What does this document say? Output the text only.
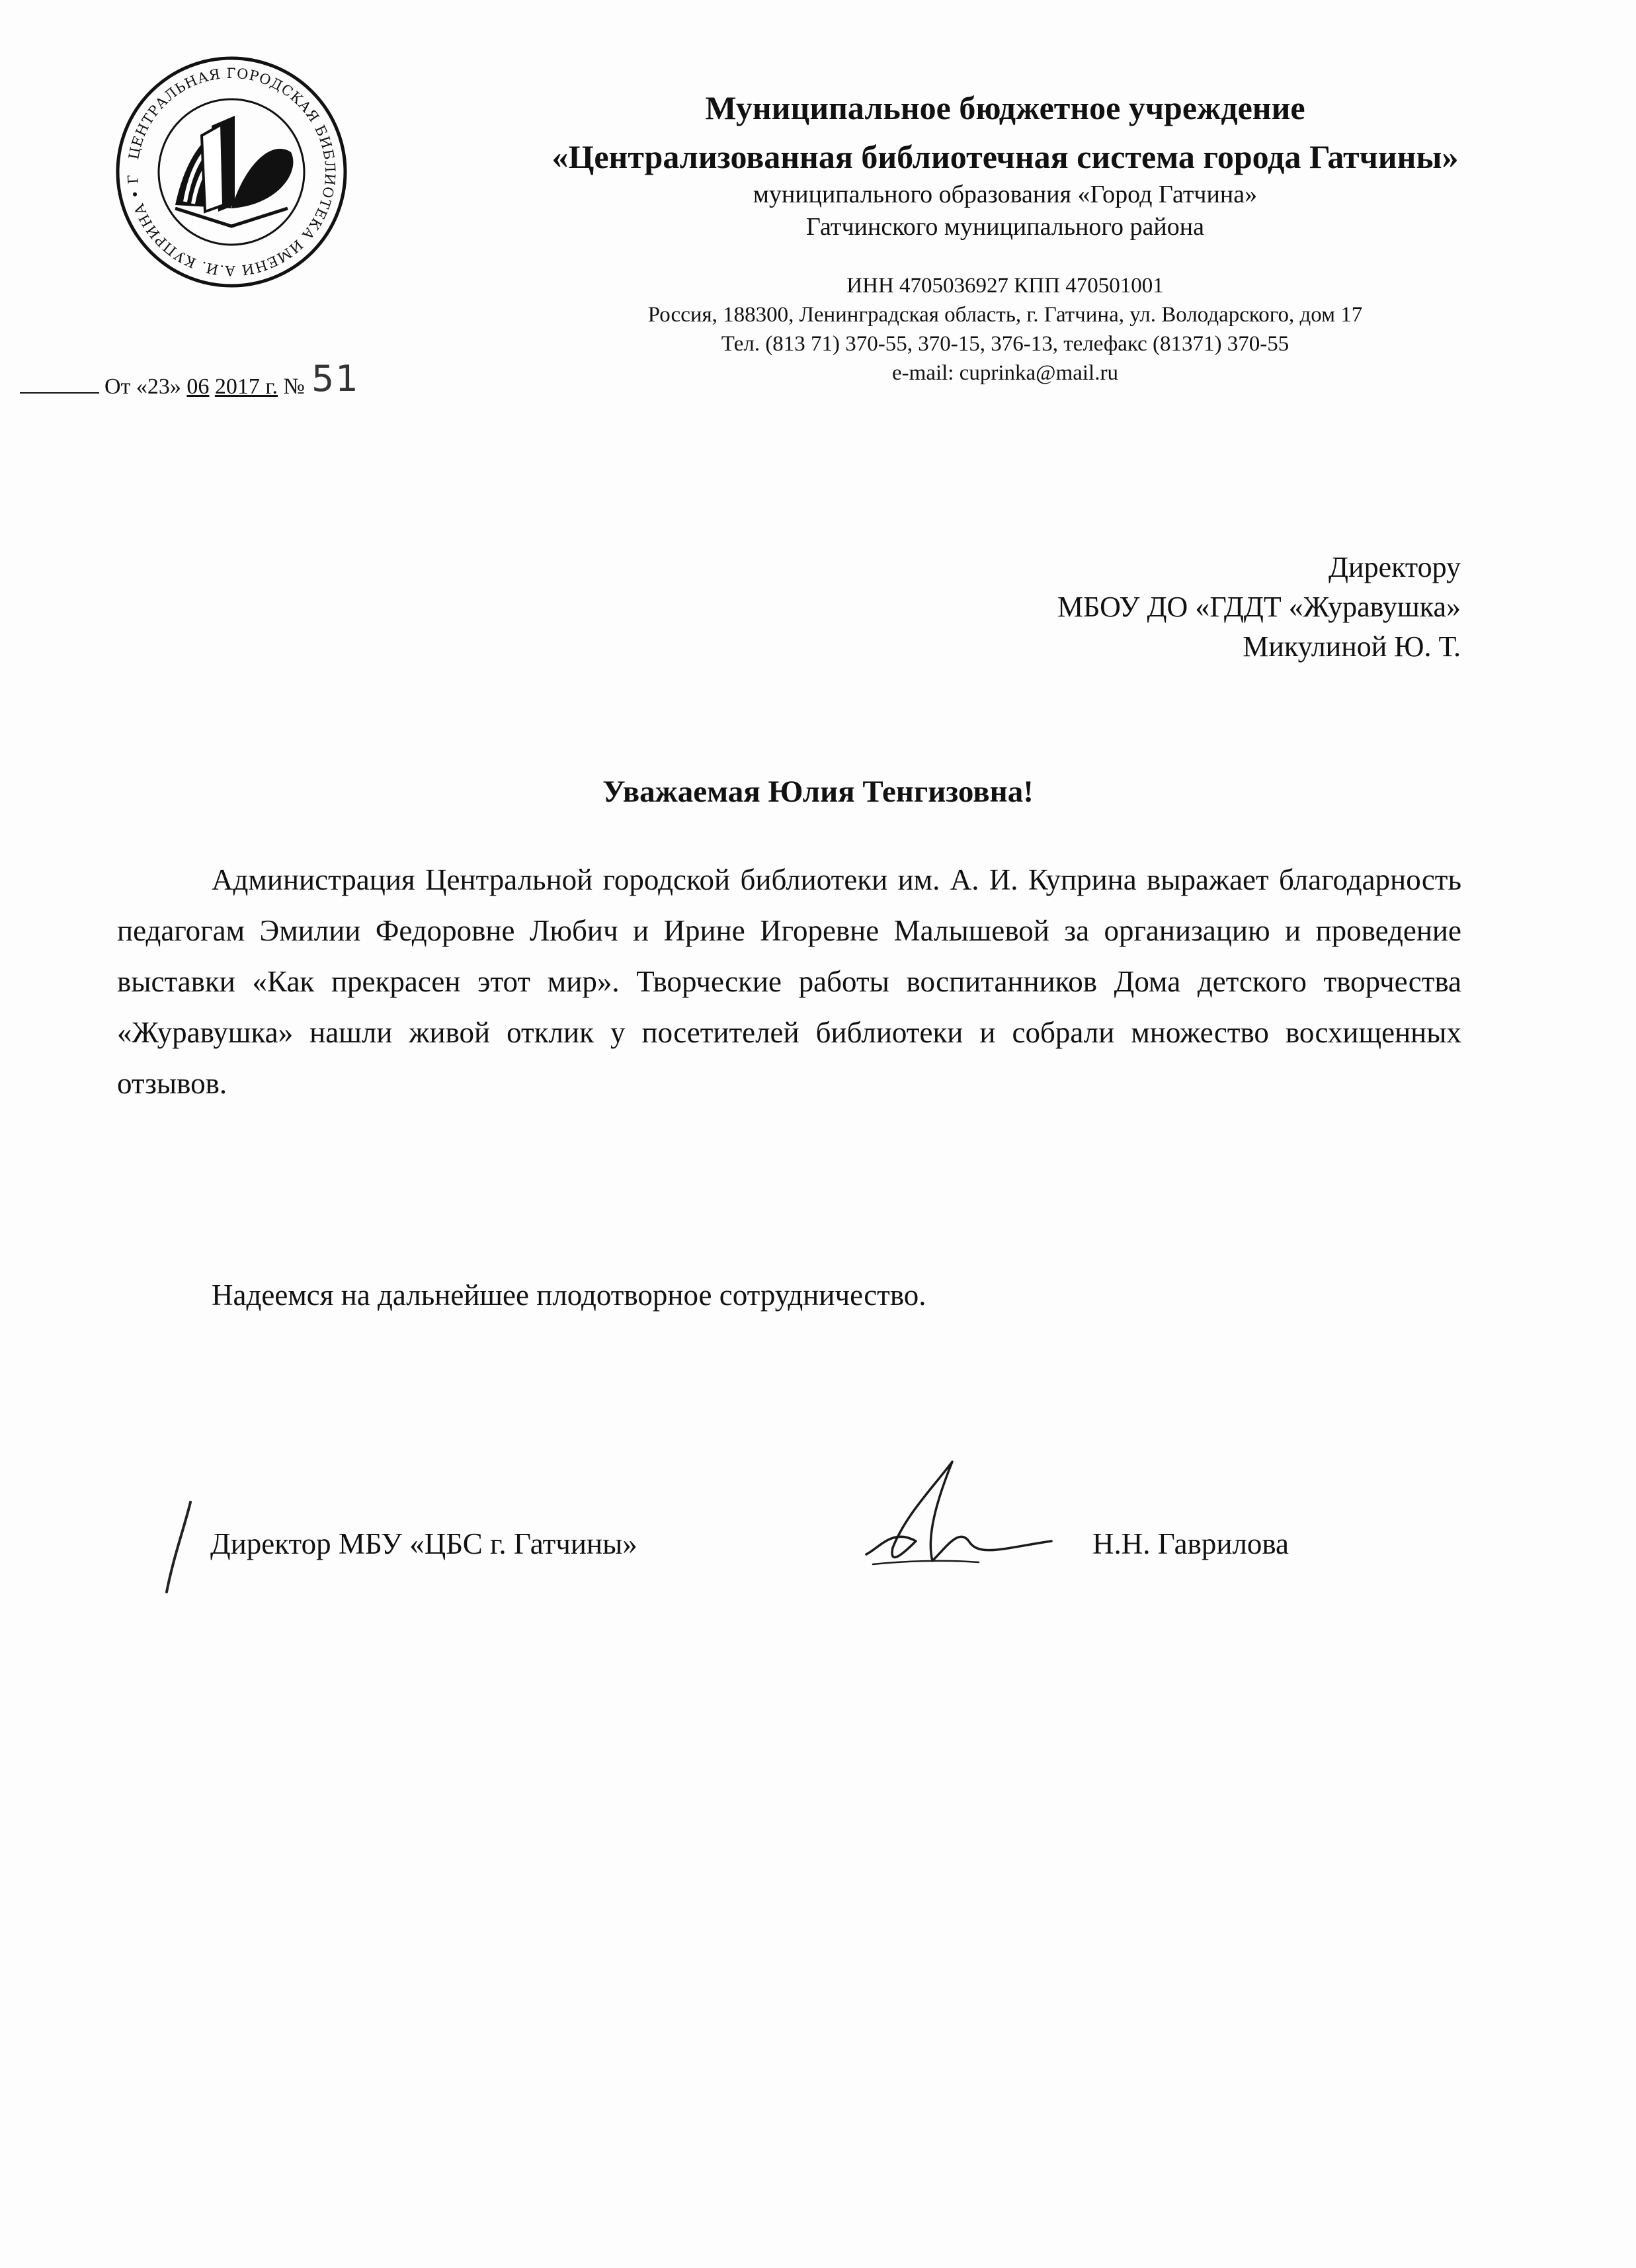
ЦЕНТРАЛЬНАЯ ГОРОДСКАЯ БИБЛИОТЕКА ИМЕНИ А.И. КУПРИНА • Г
Муниципальное бюджетное учреждение
«Централизованная библиотечная система города Гатчины»
муниципального образования «Город Гатчина»
Гатчинского муниципального района
ИНН 4705036927 КПП 470501001
Россия, 188300, Ленинградская область, г. Гатчина, ул. Володарского, дом 17
Тел. (813 71) 370-55, 370-15, 376-13, телефакс (81371) 370-55
e-mail: cuprinka@mail.ru
От «23» 06 2017 г. № 51
Директору
МБОУ ДО «ГДДТ «Журавушка»
Микулиной Ю. Т.
Уважаемая Юлия Тенгизовна!
Администрация Центральной городской библиотеки им. А. И. Куприна выражает благодарность педагогам Эмилии Федоровне Любич и Ирине Игоревне Малышевой за организацию и проведение выставки «Как прекрасен этот мир». Творческие работы воспитанников Дома детского творчества «Журавушка» нашли живой отклик у посетителей библиотеки и собрали множество восхищенных отзывов.
Надеемся на дальнейшее плодотворное сотрудничество.
Директор МБУ «ЦБС г. Гатчины»	Н.Н. Гаврилова
